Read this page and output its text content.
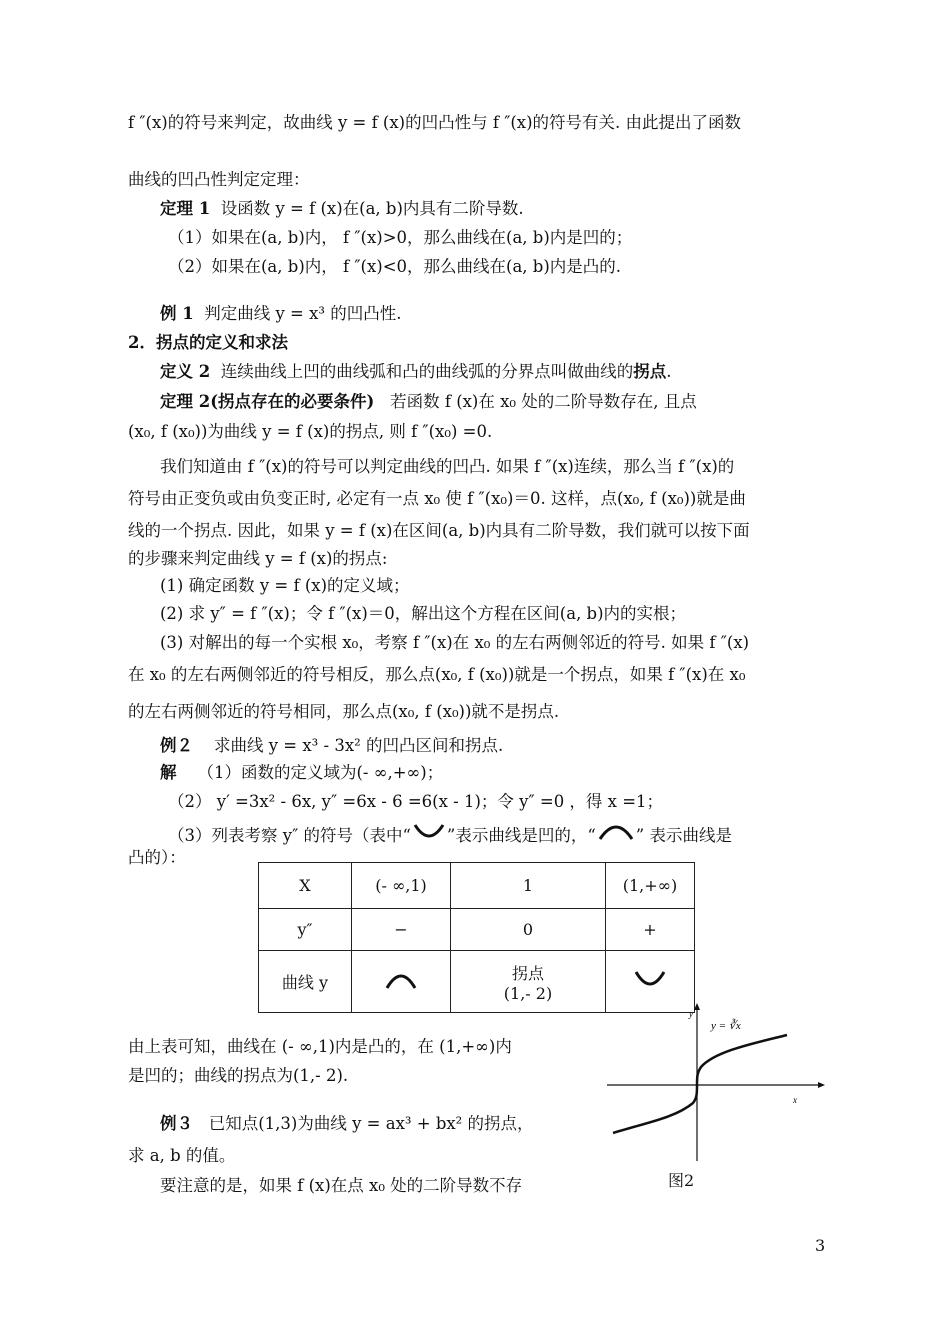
f ″(x)的符号来判定，故曲线 y = f (x)的凹凸性与 f ″(x)的符号有关. 由此提出了函数
曲线的凹凸性判定定理：
定理 1 设函数 y = f (x)在(a, b)内具有二阶导数.
（1）如果在(a, b)内， f ″(x)>0，那么曲线在(a, b)内是凹的；
（2）如果在(a, b)内， f ″(x)<0，那么曲线在(a, b)内是凸的.
例 1 判定曲线 y = x³ 的凹凸性.
2．拐点的定义和求法
定义 2 连续曲线上凹的曲线弧和凸的曲线弧的分界点叫做曲线的拐点.
定理 2(拐点存在的必要条件) 若函数 f (x)在 x₀ 处的二阶导数存在, 且点
(x₀, f (x₀))为曲线 y = f (x)的拐点, 则 f ″(x₀) =0.
我们知道由 f ″(x)的符号可以判定曲线的凹凸. 如果 f ″(x)连续，那么当 f ″(x)的
符号由正变负或由负变正时, 必定有一点 x₀ 使 f ″(x₀)＝0. 这样，点(x₀, f (x₀))就是曲
线的一个拐点. 因此，如果 y = f (x)在区间(a, b)内具有二阶导数，我们就可以按下面
的步骤来判定曲线 y = f (x)的拐点:
(1) 确定函数 y = f (x)的定义域；
(2) 求 y″ = f ″(x)；令 f ″(x)＝0，解出这个方程在区间(a, b)内的实根；
(3) 对解出的每一个实根 x₀，考察 f ″(x)在 x₀ 的左右两侧邻近的符号. 如果 f ″(x)
在 x₀ 的左右两侧邻近的符号相反，那么点(x₀, f (x₀))就是一个拐点，如果 f ″(x)在 x₀
的左右两侧邻近的符号相同，那么点(x₀, f (x₀))就不是拐点.
例２ 求曲线 y = x³ - 3x² 的凹凸区间和拐点.
解 （1）函数的定义域为(- ∞,+∞)；
（2） y′ =3x² - 6x, y″ =6x - 6 =6(x - 1)；令 y″ =0 ，得 x =1；
（3）列表考察 y″ 的符号（表中“ ”表示曲线是凹的，“ ” 表示曲线是
凸的）：
X	(- ∞,1)	1	(1,+∞)
y″	−	0	+
曲线 y		拐点
(1,- 2)

由上表可知，曲线在 (- ∞,1)内是凸的，在 (1,+∞)内
是凹的；曲线的拐点为(1,- 2).
例３ 已知点(1,3)为曲线 y = ax³ + bx² 的拐点，
求 a, b 的值。
要注意的是，如果 f (x)在点 x₀ 处的二阶导数不存
y
x
y = ∛x
图2
3
